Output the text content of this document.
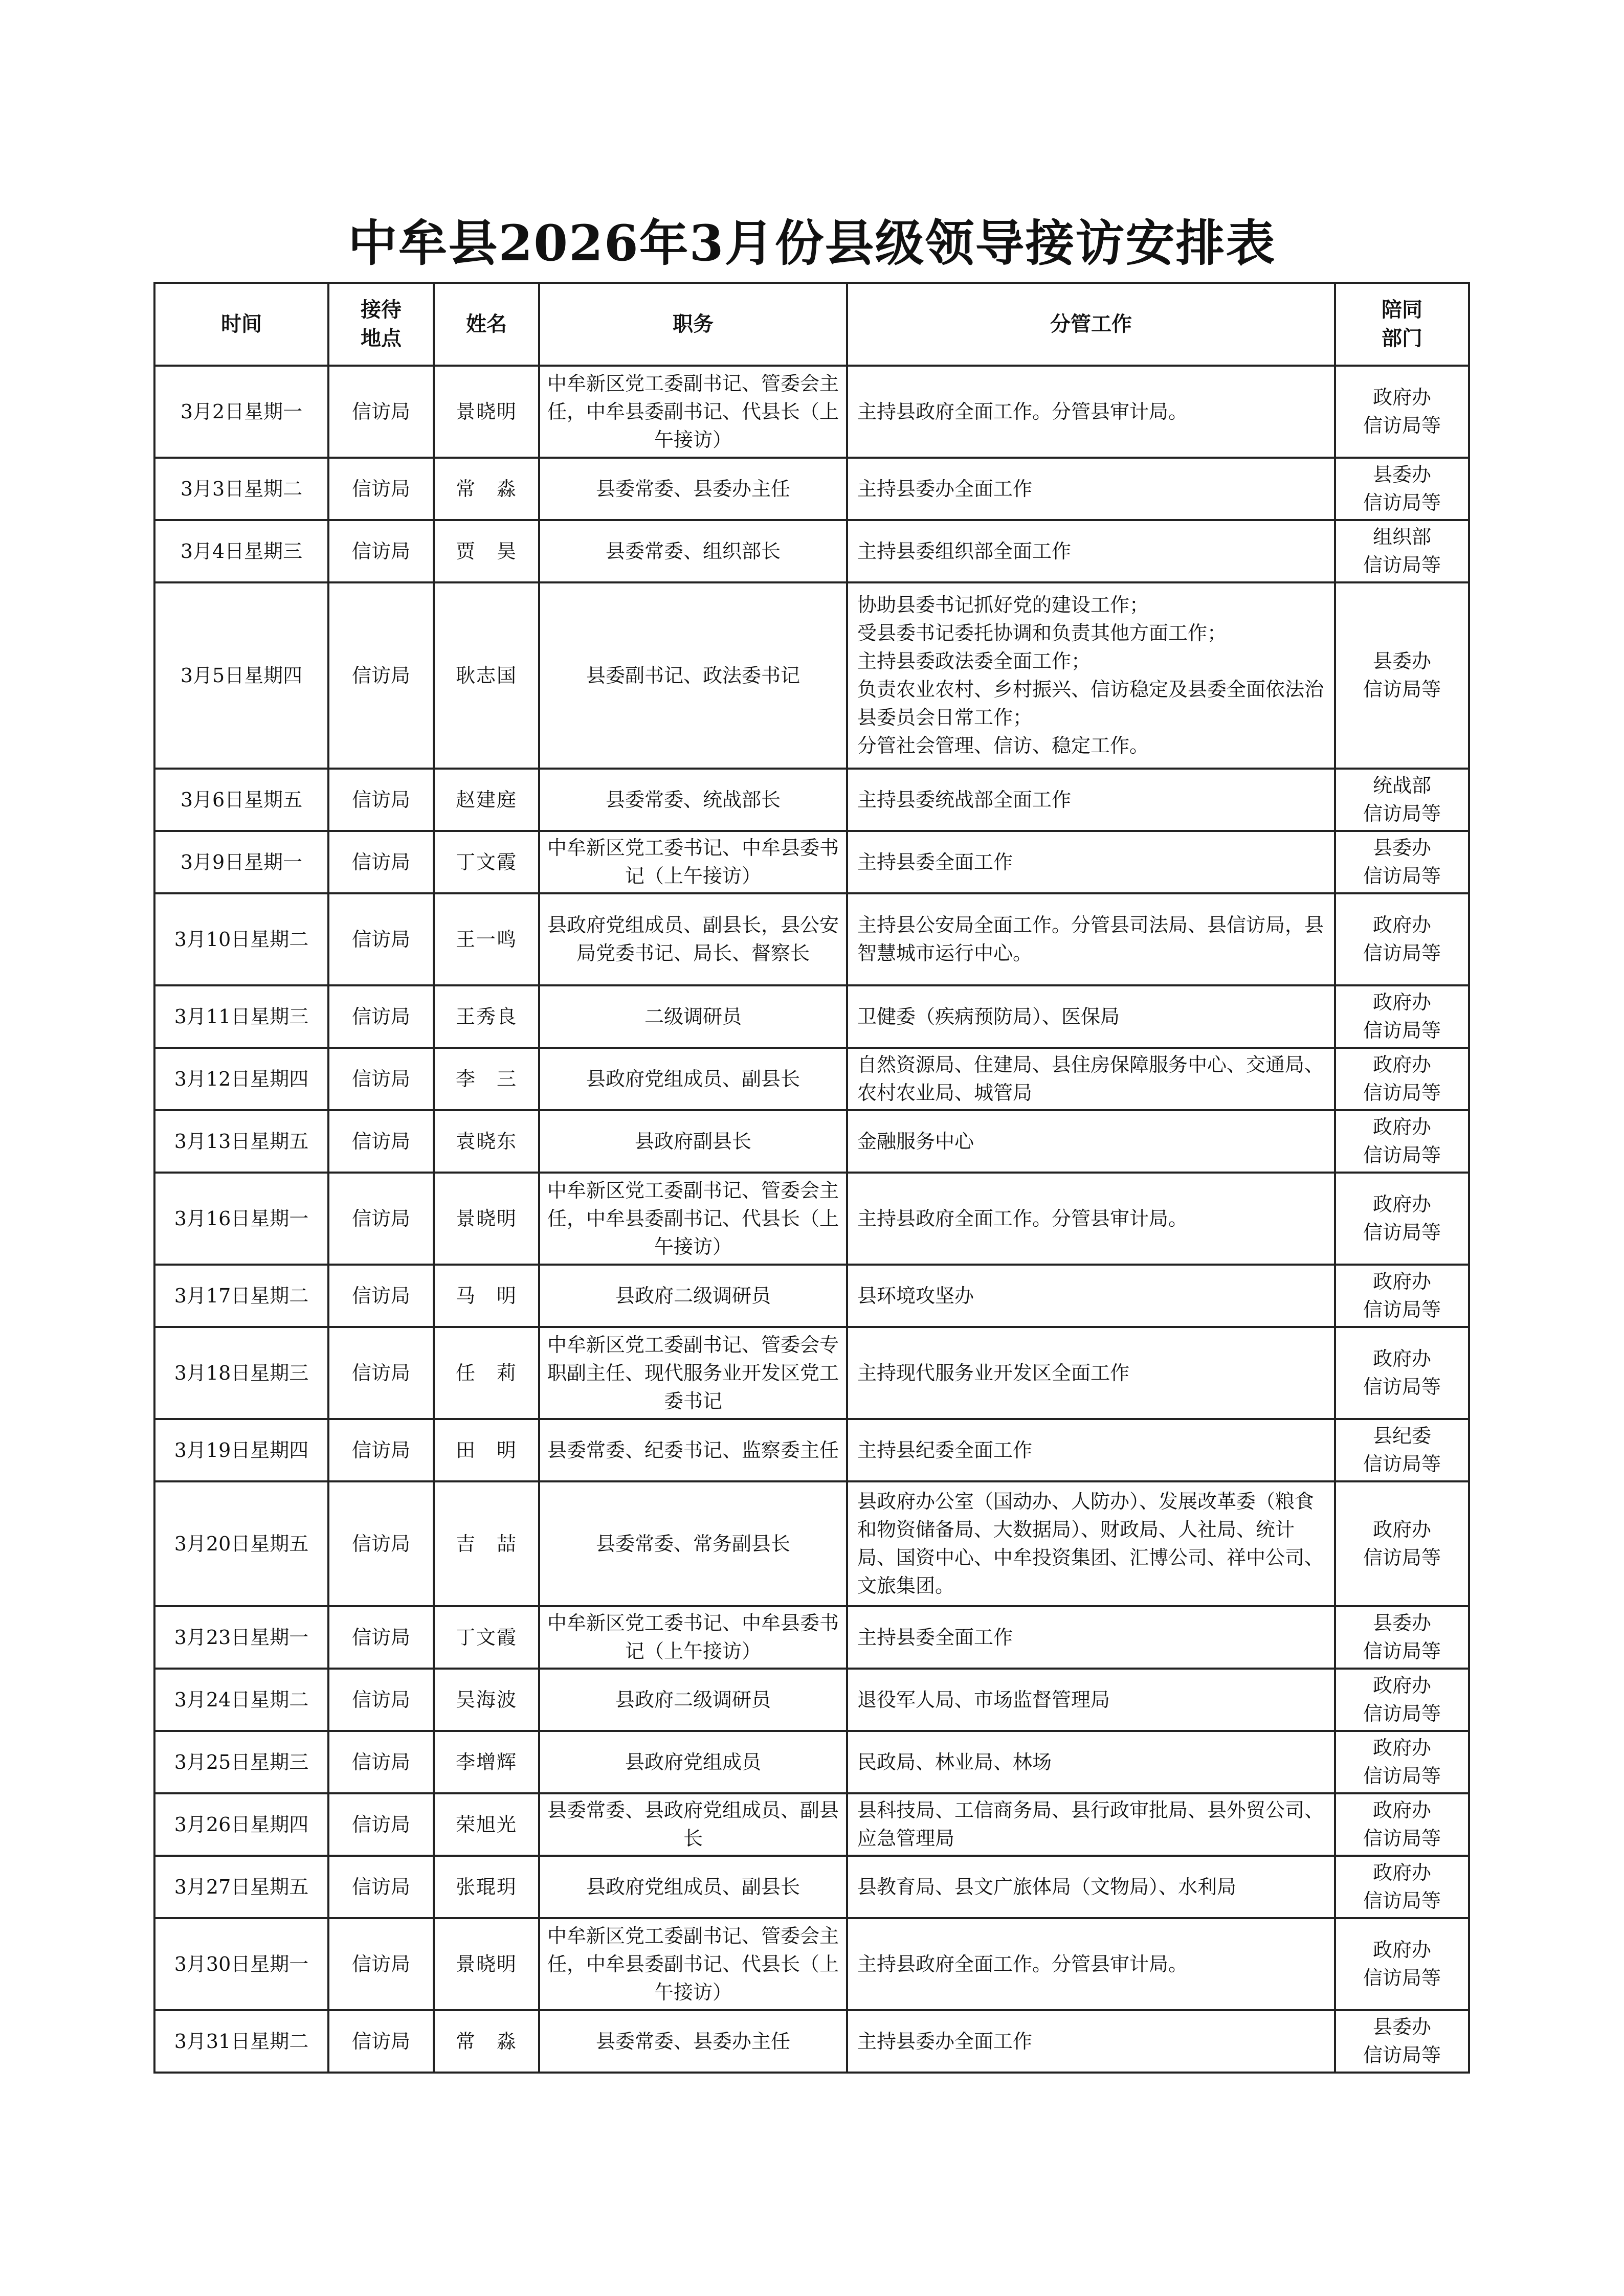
中牟县2026年3月份县级领导接访安排表
时间	接待
地点	姓名	职务	分管工作	陪同
部门
3月2日星期一	信访局	景晓明	中牟新区党工委副书记、管委会主任，中牟县委副书记、代县长（上午接访）	主持县政府全面工作。分管县审计局。	政府办
信访局等
3月3日星期二	信访局	常　淼	县委常委、县委办主任	主持县委办全面工作	县委办
信访局等
3月4日星期三	信访局	贾　昊	县委常委、组织部长	主持县委组织部全面工作	组织部
信访局等
3月5日星期四	信访局	耿志国	县委副书记、政法委书记	协助县委书记抓好党的建设工作；
受县委书记委托协调和负责其他方面工作；
主持县委政法委全面工作；
负责农业农村、乡村振兴、信访稳定及县委全面依法治县委员会日常工作；
分管社会管理、信访、稳定工作。	县委办
信访局等
3月6日星期五	信访局	赵建庭	县委常委、统战部长	主持县委统战部全面工作	统战部
信访局等
3月9日星期一	信访局	丁文霞	中牟新区党工委书记、中牟县委书记（上午接访）	主持县委全面工作	县委办
信访局等
3月10日星期二	信访局	王一鸣	县政府党组成员、副县长，县公安局党委书记、局长、督察长	主持县公安局全面工作。分管县司法局、县信访局，县智慧城市运行中心。	政府办
信访局等
3月11日星期三	信访局	王秀良	二级调研员	卫健委（疾病预防局）、医保局	政府办
信访局等
3月12日星期四	信访局	李　三	县政府党组成员、副县长	自然资源局、住建局、县住房保障服务中心、交通局、农村农业局、城管局	政府办
信访局等
3月13日星期五	信访局	袁晓东	县政府副县长	金融服务中心	政府办
信访局等
3月16日星期一	信访局	景晓明	中牟新区党工委副书记、管委会主任，中牟县委副书记、代县长（上午接访）	主持县政府全面工作。分管县审计局。	政府办
信访局等
3月17日星期二	信访局	马　明	县政府二级调研员	县环境攻坚办	政府办
信访局等
3月18日星期三	信访局	任　莉	中牟新区党工委副书记、管委会专职副主任、现代服务业开发区党工委书记	主持现代服务业开发区全面工作	政府办
信访局等
3月19日星期四	信访局	田　明	县委常委、纪委书记、监察委主任	主持县纪委全面工作	县纪委
信访局等
3月20日星期五	信访局	吉　喆	县委常委、常务副县长	县政府办公室（国动办、人防办）、发展改革委（粮食和物资储备局、大数据局）、财政局、人社局、统计局、国资中心、中牟投资集团、汇博公司、祥中公司、文旅集团。	政府办
信访局等
3月23日星期一	信访局	丁文霞	中牟新区党工委书记、中牟县委书记（上午接访）	主持县委全面工作	县委办
信访局等
3月24日星期二	信访局	吴海波	县政府二级调研员	退役军人局、市场监督管理局	政府办
信访局等
3月25日星期三	信访局	李增辉	县政府党组成员	民政局、林业局、林场	政府办
信访局等
3月26日星期四	信访局	荣旭光	县委常委、县政府党组成员、副县长	县科技局、工信商务局、县行政审批局、县外贸公司、应急管理局	政府办
信访局等
3月27日星期五	信访局	张琨玥	县政府党组成员、副县长	县教育局、县文广旅体局（文物局）、水利局	政府办
信访局等
3月30日星期一	信访局	景晓明	中牟新区党工委副书记、管委会主任，中牟县委副书记、代县长（上午接访）	主持县政府全面工作。分管县审计局。	政府办
信访局等
3月31日星期二	信访局	常　淼	县委常委、县委办主任	主持县委办全面工作	县委办
信访局等
